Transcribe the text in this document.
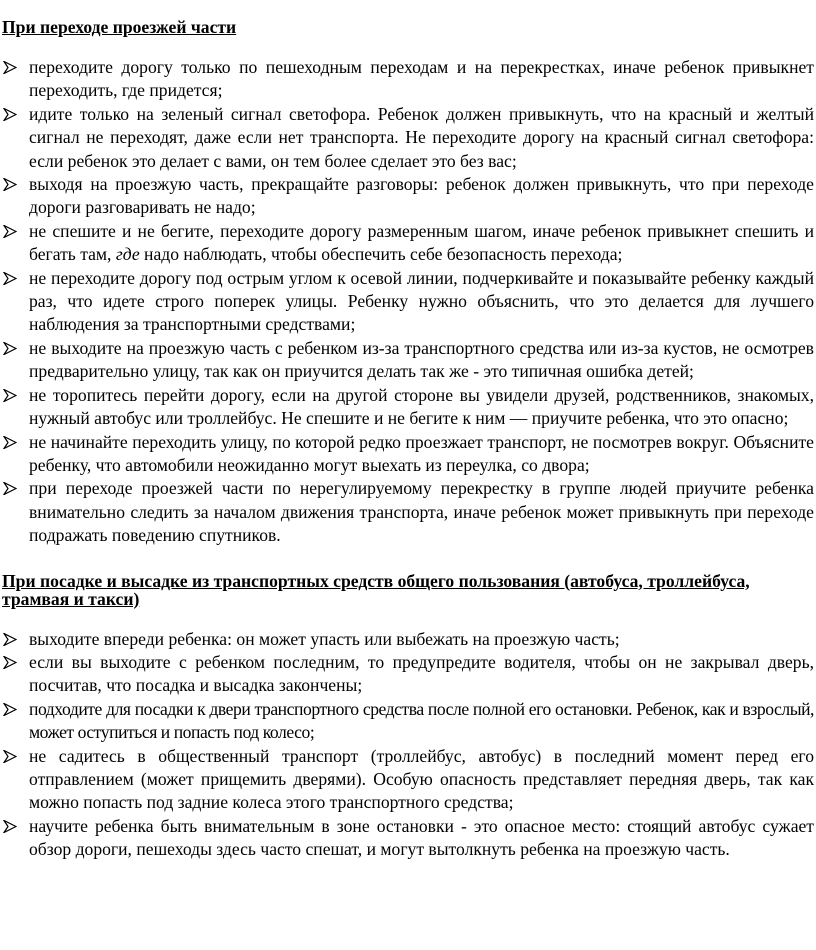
При переходе проезжей части
переходите дорогу только по пешеходным переходам и на перекрестках, иначе ребенок привыкнет переходить, где придется;
идите только на зеленый сигнал светофора. Ребенок должен привыкнуть, что на красный и желтый сигнал не переходят, даже если нет транспорта. Не переходите дорогу на красный сигнал светофора: если ребенок это делает с вами, он тем более сделает это без вас;
выходя на проезжую часть, прекращайте разговоры: ребенок должен привыкнуть, что при переходе дороги разговаривать не надо;
не спешите и не бегите, переходите дорогу размеренным шагом, иначе ребенок привыкнет спешить и бегать там, где надо наблюдать, чтобы обеспечить себе безопасность перехода;
не переходите дорогу под острым углом к осевой линии, подчеркивайте и показывайте ребенку каждый раз, что идете строго поперек улицы. Ребенку нужно объяснить, что это делается для лучшего наблюдения за транспортными средствами;
не выходите на проезжую часть с ребенком из-за транспортного средства или из-за кустов, не осмотрев предварительно улицу, так как он приучится делать так же - это типичная ошибка детей;
не торопитесь перейти дорогу, если на другой стороне вы увидели друзей, родственников, знакомых, нужный автобус или троллейбус. Не спешите и не бегите к ним — приучите ребенка, что это опасно;
не начинайте переходить улицу, по которой редко проезжает транспорт, не посмотрев вокруг. Объясните ребенку, что автомобили неожиданно могут выехать из переулка, со двора;
при переходе проезжей части по нерегулируемому перекрестку в группе людей приучите ребенка внимательно следить за началом движения транспорта, иначе ребенок может привыкнуть при переходе подражать поведению спутников.
При посадке и высадке из транспортных средств общего пользования (автобуса, троллейбуса, трамвая и такси)
выходите впереди ребенка: он может упасть или выбежать на проезжую часть;
если вы выходите с ребенком последним, то предупредите водителя, чтобы он не закрывал дверь, посчитав, что посадка и высадка закончены;
подходите для посадки к двери транспортного средства после полной его остановки. Ребенок, как и взрослый, может оступиться и попасть под колесо;
не садитесь в общественный транспорт (троллейбус, автобус) в последний момент перед его отправлением (может прищемить дверями). Особую опасность представляет передняя дверь, так как можно попасть под задние колеса этого транспортного средства;
научите ребенка быть внимательным в зоне остановки - это опасное место: стоящий автобус сужает обзор дороги, пешеходы здесь часто спешат, и могут вытолкнуть ребенка на проезжую часть.
